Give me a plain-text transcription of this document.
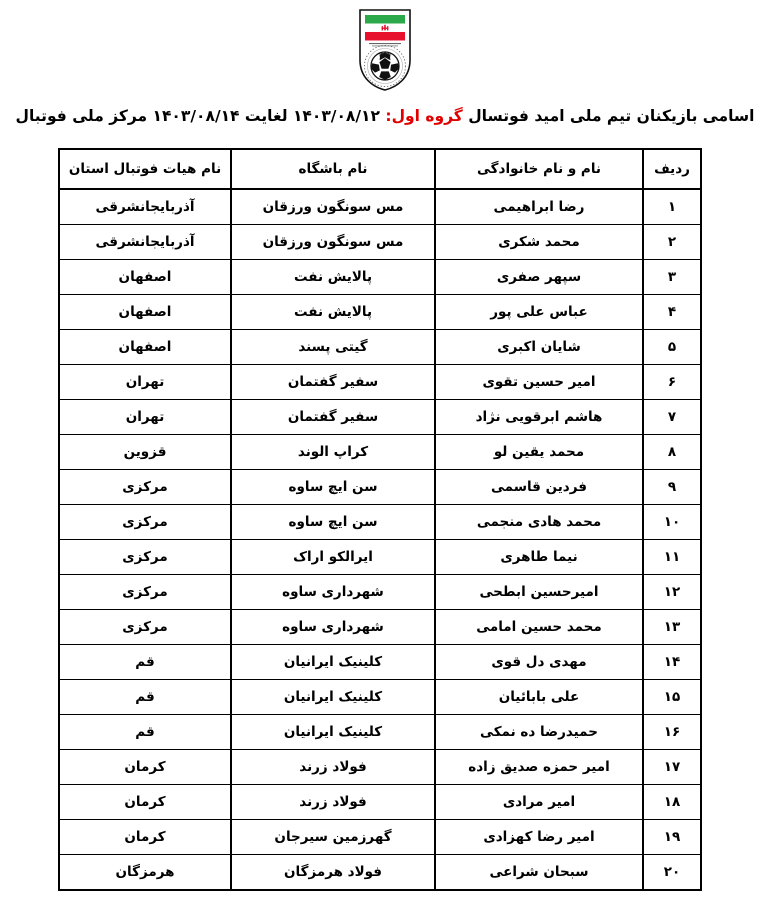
IRAN
اسامی بازیکنان تیم ملی امید فوتسال گروه اول: ۱۴۰۳/۰۸/۱۲ لغایت ۱۴۰۳/۰۸/۱۴ مرکز ملی فوتبال
ردیف	نام و نام خانوادگی	نام باشگاه	نام هیات فوتبال استان
۱	رضا ابراهیمی	مس سونگون ورزقان	آذربایجانشرقی
۲	محمد شکری	مس سونگون ورزقان	آذربایجانشرقی
۳	سپهر صفری	پالایش نفت	اصفهان
۴	عباس علی پور	پالایش نفت	اصفهان
۵	شایان اکبری	گیتی پسند	اصفهان
۶	امیر حسین تقوی	سفیر گفتمان	تهران
۷	هاشم ابرقویی نژاد	سفیر گفتمان	تهران
۸	محمد یقین لو	کراپ الوند	قزوین
۹	فردین قاسمی	سن ایچ ساوه	مرکزی
۱۰	محمد هادی منجمی	سن ایچ ساوه	مرکزی
۱۱	نیما طاهری	ایرالکو اراک	مرکزی
۱۲	امیرحسین ابطحی	شهرداری ساوه	مرکزی
۱۳	محمد حسین امامی	شهرداری ساوه	مرکزی
۱۴	مهدی دل قوی	کلینیک ایرانیان	قم
۱۵	علی بابائیان	کلینیک ایرانیان	قم
۱۶	حمیدرضا ده نمکی	کلینیک ایرانیان	قم
۱۷	امیر حمزه صدیق زاده	فولاد زرند	کرمان
۱۸	امیر مرادی	فولاد زرند	کرمان
۱۹	امیر رضا کهزادی	گهرزمین سیرجان	کرمان
۲۰	سبحان شراعی	فولاد هرمزگان	هرمزگان
